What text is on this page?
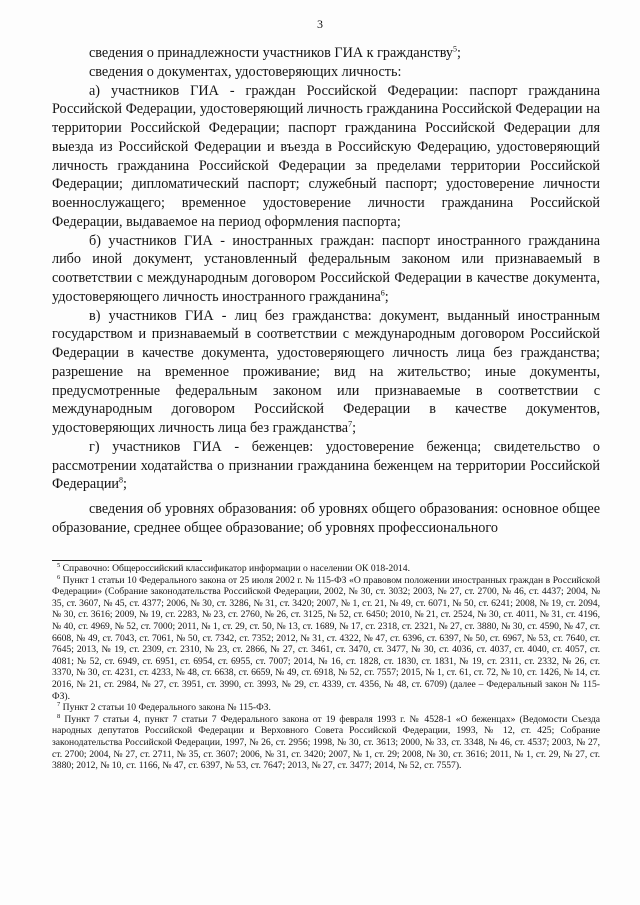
3

сведения о принадлежности участников ГИА к гражданству$^5$;

сведения о документах, удостоверяющих личность:

а) участников ГИА - граждан Российской Федерации: паспорт гражданина Российской Федерации, удостоверяющий личность гражданина Российской Федерации на территории Российской Федерации; паспорт гражданина Российской Федерации для выезда из Российской Федерации и въезда в Российскую Федерацию, удостоверяющий личность гражданина Российской Федерации за пределами территории Российской Федерации; дипломатический паспорт; служебный паспорт; удостоверение личности военнослужащего; временное удостоверение личности гражданина Российской Федерации, выдаваемое на период оформления паспорта;

б) участников ГИА - иностранных граждан: паспорт иностранного гражданина либо иной документ, установленный федеральным законом или признаваемый в соответствии с международным договором Российской Федерации в качестве документа, удостоверяющего личность иностранного гражданина$^6$;

в) участников ГИА - лиц без гражданства: документ, выданный иностранным государством и признаваемый в соответствии с международным договором Российской Федерации в качестве документа, удостоверяющего личность лица без гражданства; разрешение на временное проживание; вид на жительство; иные документы, предусмотренные федеральным законом или признаваемые в соответствии с международным договором Российской Федерации в качестве документов, удостоверяющих личность лица без гражданства$^7$;

г) участников ГИА - беженцев: удостоверение беженца; свидетельство о рассмотрении ходатайства о признании гражданина беженцем на территории Российской Федерации$^8$;

сведения об уровнях образования: об уровнях общего образования: основное общее образование, среднее общее образование; об уровнях профессионального

$^5$ Справочно: Общероссийский классификатор информации о населении ОК 018-2014.

$^6$ Пункт 1 статьи 10 Федерального закона от 25 июля 2002 г. № 115-ФЗ «О правовом положении иностранных граждан в Российской Федерации» (Собрание законодательства Российской Федерации, 2002, № 30, ст. 3032; 2003, № 27, ст. 2700, № 46, ст. 4437; 2004, № 35, ст. 3607, № 45, ст. 4377; 2006, № 30, ст. 3286, № 31, ст. 3420; 2007, № 1, ст. 21, № 49, ст. 6071, № 50, ст. 6241; 2008, № 19, ст. 2094, № 30, ст. 3616; 2009, № 19, ст. 2283, № 23, ст. 2760, № 26, ст. 3125, № 52, ст. 6450; 2010, № 21, ст. 2524, № 30, ст. 4011, № 31, ст. 4196, № 40, ст. 4969, № 52, ст. 7000; 2011, № 1, ст. 29, ст. 50, № 13, ст. 1689, № 17, ст. 2318, ст. 2321, № 27, ст. 3880, № 30, ст. 4590, № 47, ст. 6608, № 49, ст. 7043, ст. 7061, № 50, ст. 7342, ст. 7352; 2012, № 31, ст. 4322, № 47, ст. 6396, ст. 6397, № 50, ст. 6967, № 53, ст. 7640, ст. 7645; 2013, № 19, ст. 2309, ст. 2310, № 23, ст. 2866, № 27, ст. 3461, ст. 3470, ст. 3477, № 30, ст. 4036, ст. 4037, ст. 4040, ст. 4057, ст. 4081; № 52, ст. 6949, ст. 6951, ст. 6954, ст. 6955, ст. 7007; 2014, № 16, ст. 1828, ст. 1830, ст. 1831, № 19, ст. 2311, ст. 2332, № 26, ст. 3370, № 30, ст. 4231, ст. 4233, № 48, ст. 6638, ст. 6659, № 49, ст. 6918, № 52, ст. 7557; 2015, № 1, ст. 61, ст. 72, № 10, ст. 1426, № 14, ст. 2016, № 21, ст. 2984, № 27, ст. 3951, ст. 3990, ст. 3993, № 29, ст. 4339, ст. 4356, № 48, ст. 6709) (далее – Федеральный закон № 115-ФЗ).

$^7$ Пункт 2 статьи 10 Федерального закона № 115-ФЗ.

$^8$ Пункт 7 статьи 4, пункт 7 статьи 7 Федерального закона от 19 февраля 1993 г. № 4528-1 «О беженцах» (Ведомости Съезда народных депутатов Российской Федерации и Верховного Совета Российской Федерации, 1993, № 12, ст. 425; Собрание законодательства Российской Федерации, 1997, № 26, ст. 2956; 1998, № 30, ст. 3613; 2000, № 33, ст. 3348, № 46, ст. 4537; 2003, № 27, ст. 2700; 2004, № 27, ст. 2711, № 35, ст. 3607; 2006, № 31, ст. 3420; 2007, № 1, ст. 29; 2008, № 30, ст. 3616; 2011, № 1, ст. 29, № 27, ст. 3880; 2012, № 10, ст. 1166, № 47, ст. 6397, № 53, ст. 7647; 2013, № 27, ст. 3477; 2014, № 52, ст. 7557).
